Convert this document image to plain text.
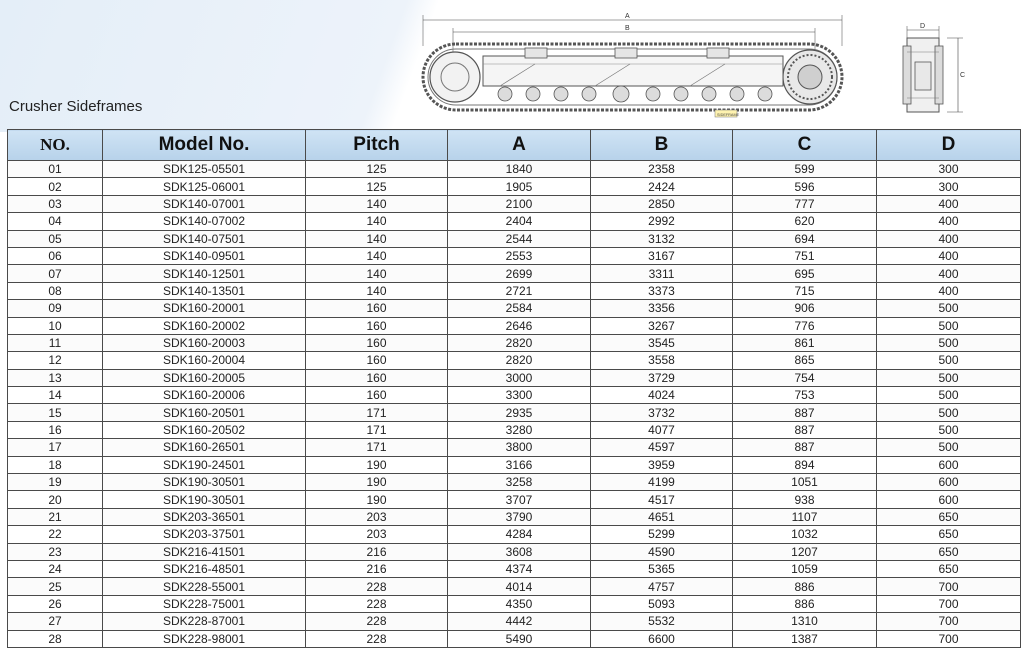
Crusher Sideframes
A
B
SIDEFRAME
D
C
NO.	Model No.	Pitch	A	B	C	D
01	SDK125-05501	125	1840	2358	599	300
02	SDK125-06001	125	1905	2424	596	300
03	SDK140-07001	140	2100	2850	777	400
04	SDK140-07002	140	2404	2992	620	400
05	SDK140-07501	140	2544	3132	694	400
06	SDK140-09501	140	2553	3167	751	400
07	SDK140-12501	140	2699	3311	695	400
08	SDK140-13501	140	2721	3373	715	400
09	SDK160-20001	160	2584	3356	906	500
10	SDK160-20002	160	2646	3267	776	500
11	SDK160-20003	160	2820	3545	861	500
12	SDK160-20004	160	2820	3558	865	500
13	SDK160-20005	160	3000	3729	754	500
14	SDK160-20006	160	3300	4024	753	500
15	SDK160-20501	171	2935	3732	887	500
16	SDK160-20502	171	3280	4077	887	500
17	SDK160-26501	171	3800	4597	887	500
18	SDK190-24501	190	3166	3959	894	600
19	SDK190-30501	190	3258	4199	1051	600
20	SDK190-30501	190	3707	4517	938	600
21	SDK203-36501	203	3790	4651	1107	650
22	SDK203-37501	203	4284	5299	1032	650
23	SDK216-41501	216	3608	4590	1207	650
24	SDK216-48501	216	4374	5365	1059	650
25	SDK228-55001	228	4014	4757	886	700
26	SDK228-75001	228	4350	5093	886	700
27	SDK228-87001	228	4442	5532	1310	700
28	SDK228-98001	228	5490	6600	1387	700
